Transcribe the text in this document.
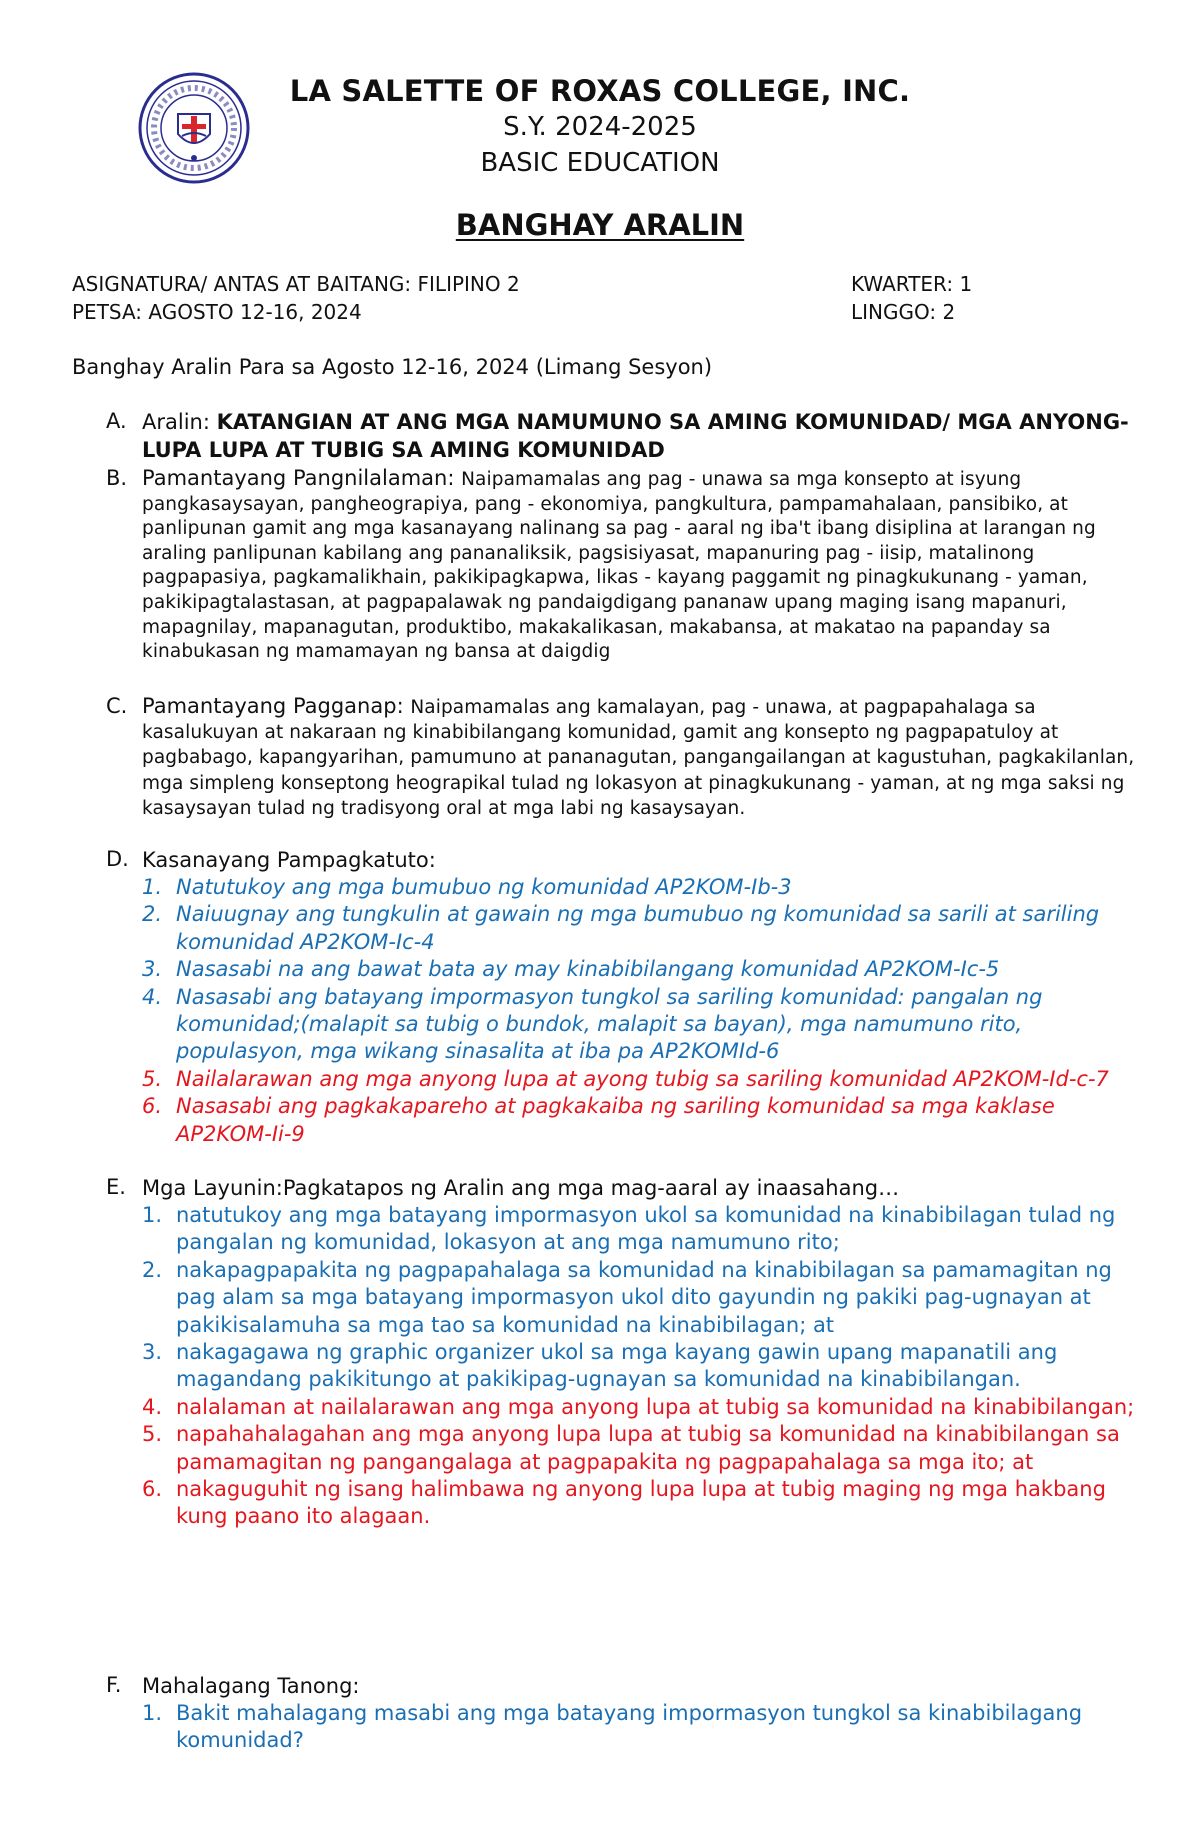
LA SALETTE OF ROXAS COLLEGE, INC.
S.Y. 2024-2025
BASIC EDUCATION
BANGHAY ARALIN
ASIGNATURA/ ANTAS AT BAITANG: FILIPINO 2	KWARTER: 1
PETSA: AGOSTO 12-16, 2024	LINGGO: 2
Banghay Aralin Para sa Agosto 12-16, 2024 (Limang Sesyon)
A. Aralin: KATANGIAN AT ANG MGA NAMUMUNO SA AMING KOMUNIDAD/ MGA ANYONG-LUPA LUPA AT TUBIG SA AMING KOMUNIDAD
B. Pamantayang Pangnilalaman: Naipamamalas ang pag - unawa sa mga konsepto at isyung pangkasaysayan, pangheograpiya, pang - ekonomiya, pangkultura, pampamahalaan, pansibiko, at panlipunan gamit ang mga kasanayang nalinang sa pag - aaral ng iba't ibang disiplina at larangan ng araling panlipunan kabilang ang pananaliksik, pagsisiyasat, mapanuring pag - iisip, matalinong pagpapasiya, pagkamalikhain, pakikipagkapwa, likas - kayang paggamit ng pinagkukunang - yaman, pakikipagtalastasan, at pagpapalawak ng pandaigdigang pananaw upang maging isang mapanuri, mapagnilay, mapanagutan, produktibo, makakalikasan, makabansa, at makatao na papanday sa kinabukasan ng mamamayan ng bansa at daigdig
C. Pamantayang Pagganap: Naipamamalas ang kamalayan, pag - unawa, at pagpapahalaga sa kasalukuyan at nakaraan ng kinabibilangang komunidad, gamit ang konsepto ng pagpapatuloy at pagbabago, kapangyarihan, pamumuno at pananagutan, pangangailangan at kagustuhan, pagkakilanlan, mga simpleng konseptong heograpikal tulad ng lokasyon at pinagkukunang - yaman, at ng mga saksi ng kasaysayan tulad ng tradisyong oral at mga labi ng kasaysayan.
D. Kasanayang Pampagkatuto:
1. Natutukoy ang mga bumubuo ng komunidad AP2KOM-Ib-3
2. Naiuugnay ang tungkulin at gawain ng mga bumubuo ng komunidad sa sarili at sariling komunidad AP2KOM-Ic-4
3. Nasasabi na ang bawat bata ay may kinabibilangang komunidad AP2KOM-Ic-5
4. Nasasabi ang batayang impormasyon tungkol sa sariling komunidad: pangalan ng komunidad;(malapit sa tubig o bundok, malapit sa bayan), mga namumuno rito, populasyon, mga wikang sinasalita at iba pa AP2KOMId-6
5. Nailalarawan ang mga anyong lupa at ayong tubig sa sariling komunidad AP2KOM-Id-c-7
6. Nasasabi ang pagkakapareho at pagkakaiba ng sariling komunidad sa mga kaklase AP2KOM-Ii-9
E. Mga Layunin:Pagkatapos ng Aralin ang mga mag-aaral ay inaasahang…
1. natutukoy ang mga batayang impormasyon ukol sa komunidad na kinabibilagan tulad ng pangalan ng komunidad, lokasyon at ang mga namumuno rito;
2. nakapagpapakita ng pagpapahalaga sa komunidad na kinabibilagan sa pamamagitan ng pag alam sa mga batayang impormasyon ukol dito gayundin ng pakiki pag-ugnayan at pakikisalamuha sa mga tao sa komunidad na kinabibilagan; at
3. nakagagawa ng graphic organizer ukol sa mga kayang gawin upang mapanatili ang magandang pakikitungo at pakikipag-ugnayan sa komunidad na kinabibilangan.
4. nalalaman at nailalarawan ang mga anyong lupa at tubig sa komunidad na kinabibilangan;
5. napahahalagahan ang mga anyong lupa lupa at tubig sa komunidad na kinabibilangan sa pamamagitan ng pangangalaga at pagpapakita ng pagpapahalaga sa mga ito; at
6. nakaguguhit ng isang halimbawa ng anyong lupa lupa at tubig maging ng mga hakbang kung paano ito alagaan.
F. Mahalagang Tanong:
1. Bakit mahalagang masabi ang mga batayang impormasyon tungkol sa kinabibilagang komunidad?
